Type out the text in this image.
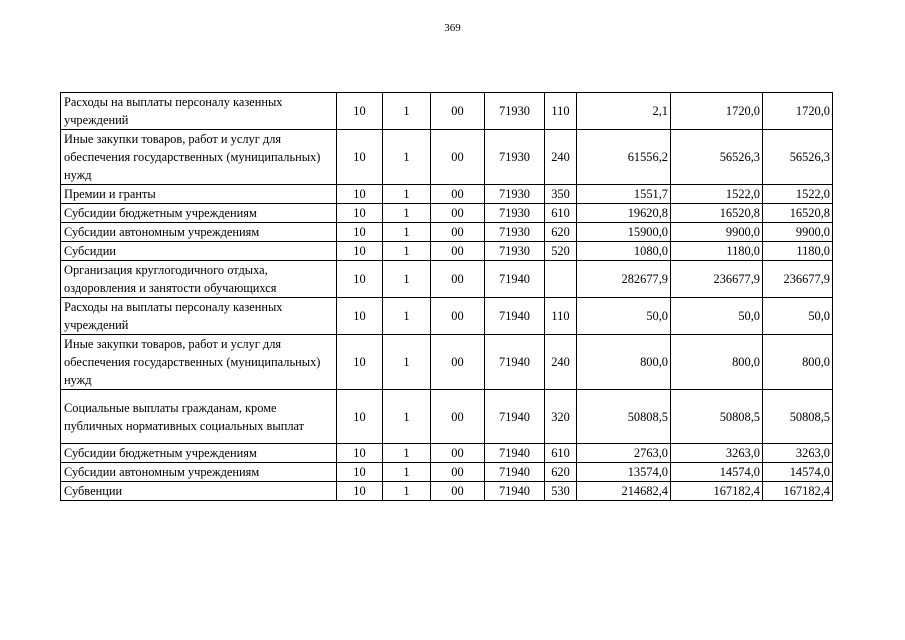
369
Расходы на выплаты персоналу казенных учреждений	10	1	00	71930	110	2,1	1720,0	1720,0
Иные закупки товаров, работ и услуг для обеспечения государственных (муниципальных) нужд	10	1	00	71930	240	61556,2	56526,3	56526,3
Премии и гранты	10	1	00	71930	350	1551,7	1522,0	1522,0
Субсидии бюджетным учреждениям	10	1	00	71930	610	19620,8	16520,8	16520,8
Субсидии автономным учреждениям	10	1	00	71930	620	15900,0	9900,0	9900,0
Субсидии	10	1	00	71930	520	1080,0	1180,0	1180,0
Организация круглогодичного отдыха, оздоровления и занятости обучающихся	10	1	00	71940		282677,9	236677,9	236677,9
Расходы на выплаты персоналу казенных учреждений	10	1	00	71940	110	50,0	50,0	50,0
Иные закупки товаров, работ и услуг для обеспечения государственных (муниципальных) нужд	10	1	00	71940	240	800,0	800,0	800,0
Социальные выплаты гражданам, кроме публичных нормативных социальных выплат	10	1	00	71940	320	50808,5	50808,5	50808,5
Субсидии бюджетным учреждениям	10	1	00	71940	610	2763,0	3263,0	3263,0
Субсидии автономным учреждениям	10	1	00	71940	620	13574,0	14574,0	14574,0
Субвенции	10	1	00	71940	530	214682,4	167182,4	167182,4
